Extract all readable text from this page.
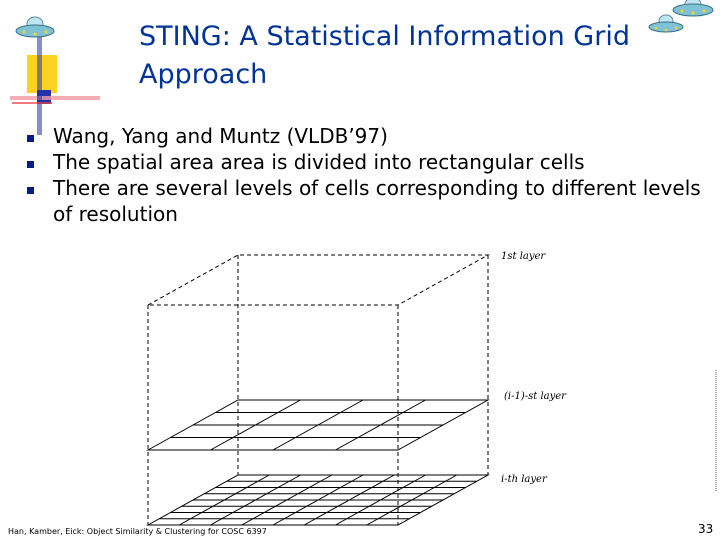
STING: A Statistical Information Grid Approach
Wang, Yang and Muntz (VLDB’97)
The spatial area area is divided into rectangular cells
There are several levels of cells corresponding to different levels of resolution
1st layer
(i-1)-st layer
i-th layer
Han, Kamber, Eick: Object Similarity & Clustering for COSC 6397	33
